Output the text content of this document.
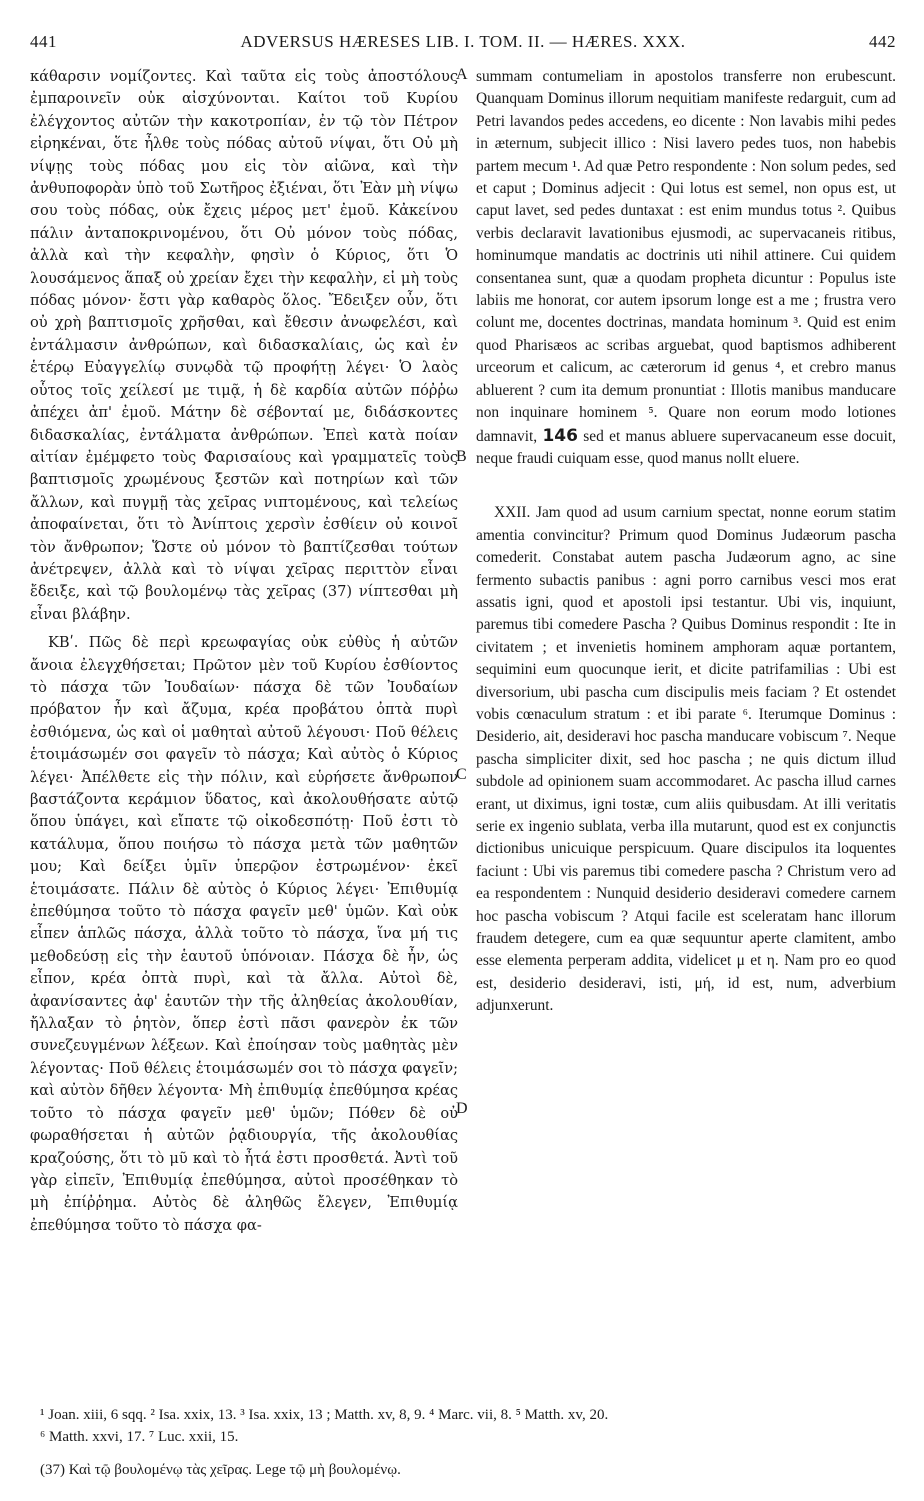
441	ADVERSUS HÆRESES LIB. I. TOM. II. — HÆRES. XXX.	442

κάθαρσιν νομίζοντες. Καὶ ταῦτα εἰς τοὺς ἀποστόλους ἐμπαροινεῖν οὐκ αἰσχύνονται. Καίτοι τοῦ Κυρίου ἐλέγχοντος αὐτῶν τὴν κακοτροπίαν, ἐν τῷ τὸν Πέτρον εἰρηκέναι, ὅτε ἦλθε τοὺς πόδας αὐτοῦ νίψαι, ὅτι Οὐ μὴ νίψῃς τοὺς πόδας μου εἰς τὸν αἰῶνα, καὶ τὴν ἀνθυποφορὰν ὑπὸ τοῦ Σωτῆρος ἐξιέναι, ὅτι Ἐὰν μὴ νίψω σου τοὺς πόδας, οὐκ ἔχεις μέρος μετ' ἐμοῦ. Κἀκείνου πάλιν ἀνταποκρινομένου, ὅτι Οὐ μόνον τοὺς πόδας, ἀλλὰ καὶ τὴν κεφαλὴν, φησὶν ὁ Κύριος, ὅτι Ὁ λουσάμενος ἅπαξ οὐ χρείαν ἔχει τὴν κεφαλὴν, εἰ μὴ τοὺς πόδας μόνον· ἔστι γὰρ καθαρὸς ὅλος. Ἔδειξεν οὖν, ὅτι οὐ χρὴ βαπτισμοῖς χρῆσθαι, καὶ ἔθεσιν ἀνωφελέσι, καὶ ἐντάλμασιν ἀνθρώπων, καὶ διδασκαλίαις, ὡς καὶ ἐν ἑτέρῳ Εὐαγγελίῳ συνῳδὰ τῷ προφήτῃ λέγει· Ὁ λαὸς οὗτος τοῖς χείλεσί με τιμᾷ, ἡ δὲ καρδία αὐτῶν πόῤῥω ἀπέχει ἀπ' ἐμοῦ. Μάτην δὲ σέβονταί με, διδάσκοντες διδασκαλίας, ἐντάλματα ἀνθρώπων. Ἐπεὶ κατὰ ποίαν αἰτίαν ἐμέμφετο τοὺς Φαρισαίους καὶ γραμματεῖς τοὺς βαπτισμοῖς χρωμένους ξεστῶν καὶ ποτηρίων καὶ τῶν ἄλλων, καὶ πυγμῇ τὰς χεῖρας νιπτομένους, καὶ τελείως ἀποφαίνεται, ὅτι τὸ Ἀνίπτοις χερσὶν ἐσθίειν οὐ κοινοῖ τὸν ἄνθρωπον; Ὥστε οὐ μόνον τὸ βαπτίζεσθαι τούτων ἀνέτρεψεν, ἀλλὰ καὶ τὸ νίψαι χεῖρας περιττὸν εἶναι ἔδειξε, καὶ τῷ βουλομένῳ τὰς χεῖρας (37) νίπτεσθαι μὴ εἶναι βλάβην.

ΚΒʹ. Πῶς δὲ περὶ κρεωφαγίας οὐκ εὐθὺς ἡ αὐτῶν ἄνοια ἐλεγχθήσεται; Πρῶτον μὲν τοῦ Κυρίου ἐσθίοντος τὸ πάσχα τῶν Ἰουδαίων· πάσχα δὲ τῶν Ἰουδαίων πρόβατον ἦν καὶ ἄζυμα, κρέα προβάτου ὀπτὰ πυρὶ ἐσθιόμενα, ὡς καὶ οἱ μαθηταὶ αὐτοῦ λέγουσι· Ποῦ θέλεις ἑτοιμάσωμέν σοι φαγεῖν τὸ πάσχα; Καὶ αὐτὸς ὁ Κύριος λέγει· Ἀπέλθετε εἰς τὴν πόλιν, καὶ εὑρήσετε ἄνθρωπον βαστάζοντα κεράμιον ὕδατος, καὶ ἀκολουθήσατε αὐτῷ ὅπου ὑπάγει, καὶ εἴπατε τῷ οἰκοδεσπότῃ· Ποῦ ἐστι τὸ κατάλυμα, ὅπου ποιήσω τὸ πάσχα μετὰ τῶν μαθητῶν μου; Καὶ δείξει ὑμῖν ὑπερῷον ἐστρωμένον· ἐκεῖ ἑτοιμάσατε. Πάλιν δὲ αὐτὸς ὁ Κύριος λέγει· Ἐπιθυμίᾳ ἐπεθύμησα τοῦτο τὸ πάσχα φαγεῖν μεθ' ὑμῶν. Καὶ οὐκ εἶπεν ἁπλῶς πάσχα, ἀλλὰ τοῦτο τὸ πάσχα, ἵνα μή τις μεθοδεύσῃ εἰς τὴν ἑαυτοῦ ὑπόνοιαν. Πάσχα δὲ ἦν, ὡς εἶπον, κρέα ὀπτὰ πυρὶ, καὶ τὰ ἄλλα. Αὐτοὶ δὲ, ἀφανίσαντες ἀφ' ἑαυτῶν τὴν τῆς ἀληθείας ἀκολουθίαν, ἤλλαξαν τὸ ῥητὸν, ὅπερ ἐστὶ πᾶσι φανερὸν ἐκ τῶν συνεζευγμένων λέξεων. Καὶ ἐποίησαν τοὺς μαθητὰς μὲν λέγοντας· Ποῦ θέλεις ἑτοιμάσωμέν σοι τὸ πάσχα φαγεῖν; καὶ αὐτὸν δῆθεν λέγοντα· Μὴ ἐπιθυμίᾳ ἐπεθύμησα κρέας τοῦτο τὸ πάσχα φαγεῖν μεθ' ὑμῶν; Πόθεν δὲ οὐ φωραθήσεται ἡ αὐτῶν ῥᾳδιουργία, τῆς ἀκολουθίας κραζούσης, ὅτι τὸ μῦ καὶ τὸ ἦτά ἐστι προσθετά. Ἀντὶ τοῦ γὰρ εἰπεῖν, Ἐπιθυμίᾳ ἐπεθύμησα, αὐτοὶ προσέθηκαν τὸ μὴ ἐπίῤῥημα. Αὐτὸς δὲ ἀληθῶς ἔλεγεν, Ἐπιθυμίᾳ ἐπεθύμησα τοῦτο τὸ πάσχα φα-

A
B
C
D

summam contumeliam in apostolos transferre non erubescunt. Quanquam Dominus illorum nequitiam manifeste redarguit, cum ad Petri lavandos pedes accedens, eo dicente : Non lavabis mihi pedes in æternum, subjecit illico : Nisi lavero pedes tuos, non habebis partem mecum ¹. Ad quæ Petro respondente : Non solum pedes, sed et caput ; Dominus adjecit : Qui lotus est semel, non opus est, ut caput lavet, sed pedes duntaxat : est enim mundus totus ². Quibus verbis declaravit lavationibus ejusmodi, ac supervacaneis ritibus, hominumque mandatis ac doctrinis uti nihil attinere. Cui quidem consentanea sunt, quæ a quodam propheta dicuntur : Populus iste labiis me honorat, cor autem ipsorum longe est a me ; frustra vero colunt me, docentes doctrinas, mandata hominum ³. Quid est enim quod Pharisæos ac scribas arguebat, quod baptismos adhiberent urceorum et calicum, ac cæterorum id genus ⁴, et crebro manus abluerent ? cum ita demum pronuntiat : Illotis manibus manducare non inquinare hominem ⁵. Quare non eorum modo lotiones damnavit, 146 sed et manus abluere supervacaneum esse docuit, neque fraudi cuiquam esse, quod manus nollt eluere.

XXII. Jam quod ad usum carnium spectat, nonne eorum statim amentia convincitur? Primum quod Dominus Judæorum pascha comederit. Constabat autem pascha Judæorum agno, ac sine fermento subactis panibus : agni porro carnibus vesci mos erat assatis igni, quod et apostoli ipsi testantur. Ubi vis, inquiunt, paremus tibi comedere Pascha ? Quibus Dominus respondit : Ite in civitatem ; et invenietis hominem amphoram aquæ portantem, sequimini eum quocunque ierit, et dicite patrifamilias : Ubi est diversorium, ubi pascha cum discipulis meis faciam ? Et ostendet vobis cœnaculum stratum : et ibi parate ⁶. Iterumque Dominus : Desiderio, ait, desideravi hoc pascha manducare vobiscum ⁷. Neque pascha simpliciter dixit, sed hoc pascha ; ne quis dictum illud subdole ad opinionem suam accommodaret. Ac pascha illud carnes erant, ut diximus, igni tostæ, cum aliis quibusdam. At illi veritatis serie ex ingenio sublata, verba illa mutarunt, quod est ex conjunctis dictionibus unicuique perspicuum. Quare discipulos ita loquentes faciunt : Ubi vis paremus tibi comedere pascha ? Christum vero ad ea respondentem : Nunquid desiderio desideravi comedere carnem hoc pascha vobiscum ? Atqui facile est sceleratam hanc illorum fraudem detegere, cum ea quæ sequuntur aperte clamitent, ambo esse elementa perperam addita, videlicet μ et η. Nam pro eo quod est, desiderio desideravi, isti, μή, id est, num, adverbium adjunxerunt.

¹ Joan. xiii, 6 sqq. ² Isa. xxix, 13. ³ Isa. xxix, 13 ; Matth. xv, 8, 9. ⁴ Marc. vii, 8. ⁵ Matth. xv, 20.
⁶ Matth. xxvi, 17. ⁷ Luc. xxii, 15.
(37) Καὶ τῷ βουλομένῳ τὰς χεῖρας. Lege τῷ μὴ βουλομένῳ.
